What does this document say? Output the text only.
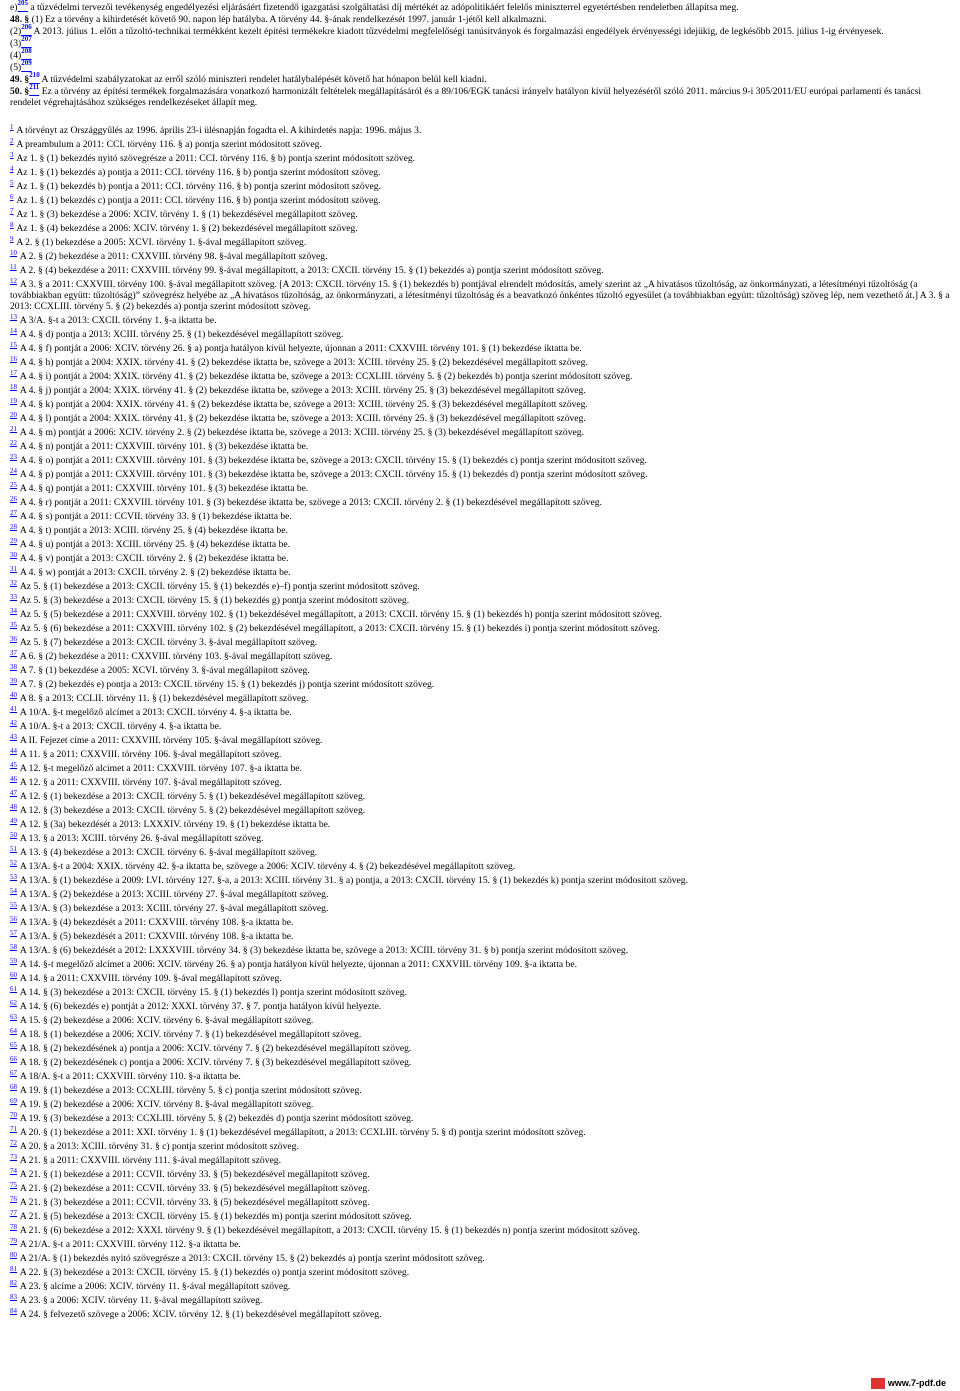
e)$^{205}$ a tűzvédelmi tervezői tevékenység engedélyezési eljárásáért fizetendő igazgatási szolgáltatási díj mértékét az adópolitikáért felelős miniszterrel egyetértésben rendeletben állapítsa meg.

48. § (1) Ez a törvény a kihirdetését követő 90. napon lép hatályba. A törvény 44. §-ának rendelkezését 1997. január 1-jétől kell alkalmazni.

$(2)^{206}$ A 2013. július 1. előtt a tűzoltó-technikai termékként kezelt építési termékekre kiadott tűzvédelmi megfelelőségi tanúsítványok és forgalmazási engedélyek érvényességi idejükig, de legkésőbb 2015. július 1-ig érvényesek.

$(3)^{207}$

$(4)^{208}$

$(5)^{209}$

49. §$^{210}$ A tűzvédelmi szabályzatokat az erről szóló miniszteri rendelet hatálybalépését követő hat hónapon belül kell kiadni.

50. §$^{211}$ Ez a törvény az építési termékek forgalmazására vonatkozó harmonizált feltételek megállapításáról és a 89/106/EGK tanácsi irányelv hatályon kívül helyezéséről szóló 2011. március 9-i 305/2011/EU európai parlamenti és tanácsi rendelet végrehajtásához szükséges rendelkezéseket állapít meg.

$^1$ A törvényt az Országgyűlés az 1996. április 23-i ülésnapján fogadta el. A kihirdetés napja: 1996. május 3.

$^2$ A preambulum a 2011: CCI. törvény 116. § a) pontja szerint módosított szöveg.

$^3$ Az 1. § (1) bekezdés nyitó szövegrésze a 2011: CCI. törvény 116. § b) pontja szerint módosított szöveg.

$^4$ Az 1. § (1) bekezdés a) pontja a 2011: CCI. törvény 116. § b) pontja szerint módosított szöveg.

$^5$ Az 1. § (1) bekezdés b) pontja a 2011: CCI. törvény 116. § b) pontja szerint módosított szöveg.

$^6$ Az 1. § (1) bekezdés c) pontja a 2011: CCI. törvény 116. § b) pontja szerint módosított szöveg.

$^7$ Az 1. § (3) bekezdése a 2006: XCIV. törvény 1. § (1) bekezdésével megállapított szöveg.

$^8$ Az 1. § (4) bekezdése a 2006: XCIV. törvény 1. § (2) bekezdésével megállapított szöveg.

$^9$ A 2. § (1) bekezdése a 2005: XCVI. törvény 1. §-ával megállapított szöveg.

$^{10}$ A 2. § (2) bekezdése a 2011: CXXVIII. törvény 98. §-ával megállapított szöveg.

$^{11}$ A 2. § (4) bekezdése a 2011: CXXVIII. törvény 99. §-ával megállapított, a 2013: CXCII. törvény 15. § (1) bekezdés a) pontja szerint módosított szöveg.

$^{12}$ A 3. § a 2011: CXXVIII. törvény 100. §-ával megállapított szöveg. [A 2013: CXCII. törvény 15. § (1) bekezdés b) pontjával elrendelt módosítás, amely szerint az „A hivatásos tűzoltóság, az önkormányzati, a létesítményi tűzoltóság (a továbbiakban együtt: tűzoltóság)” szövegrész helyébe az „A hivatásos tűzoltóság, az önkormányzati, a létesítményi tűzoltóság és a beavatkozó önkéntes tűzoltó egyesület (a továbbiakban együtt: tűzoltóság) szöveg lép, nem vezethető át.] A 3. § a 2013: CCXLIII. törvény 5. § (2) bekezdés a) pontja szerint módosított szöveg.

$^{13}$ A 3/A. §-t a 2013: CXCII. törvény 1. §-a iktatta be.

$^{14}$ A 4. § d) pontja a 2013: XCIII. törvény 25. § (1) bekezdésével megállapított szöveg.

$^{15}$ A 4. § f) pontját a 2006: XCIV. törvény 26. § a) pontja hatályon kívül helyezte, újonnan a 2011: CXXVIII. törvény 101. § (1) bekezdése iktatta be.

$^{16}$ A 4. § h) pontját a 2004: XXIX. törvény 41. § (2) bekezdése iktatta be, szövege a 2013: XCIII. törvény 25. § (2) bekezdésével megállapított szöveg.

$^{17}$ A 4. § i) pontját a 2004: XXIX. törvény 41. § (2) bekezdése iktatta be, szövege a 2013: CCXLIII. törvény 5. § (2) bekezdés b) pontja szerint módosított szöveg.

$^{18}$ A 4. § j) pontját a 2004: XXIX. törvény 41. § (2) bekezdése iktatta be, szövege a 2013: XCIII. törvény 25. § (3) bekezdésével megállapított szöveg.

$^{19}$ A 4. § k) pontját a 2004: XXIX. törvény 41. § (2) bekezdése iktatta be, szövege a 2013: XCIII. törvény 25. § (3) bekezdésével megállapított szöveg.

$^{20}$ A 4. § l) pontját a 2004: XXIX. törvény 41. § (2) bekezdése iktatta be, szövege a 2013: XCIII. törvény 25. § (3) bekezdésével megállapított szöveg.

$^{21}$ A 4. § m) pontját a 2006: XCIV. törvény 2. § (2) bekezdése iktatta be, szövege a 2013: XCIII. törvény 25. § (3) bekezdésével megállapított szöveg.

$^{22}$ A 4. § n) pontját a 2011: CXXVIII. törvény 101. § (3) bekezdése iktatta be.

$^{23}$ A 4. § o) pontját a 2011: CXXVIII. törvény 101. § (3) bekezdése iktatta be, szövege a 2013: CXCII. törvény 15. § (1) bekezdés c) pontja szerint módosított szöveg.

$^{24}$ A 4. § p) pontját a 2011: CXXVIII. törvény 101. § (3) bekezdése iktatta be, szövege a 2013: CXCII. törvény 15. § (1) bekezdés d) pontja szerint módosított szöveg.

$^{25}$ A 4. § q) pontját a 2011: CXXVIII. törvény 101. § (3) bekezdése iktatta be.

$^{26}$ A 4. § r) pontját a 2011: CXXVIII. törvény 101. § (3) bekezdése iktatta be, szövege a 2013: CXCII. törvény 2. § (1) bekezdésével megállapított szöveg.

$^{27}$ A 4. § s) pontját a 2011: CCVII. törvény 33. § (1) bekezdése iktatta be.

$^{28}$ A 4. § t) pontját a 2013: XCIII. törvény 25. § (4) bekezdése iktatta be.

$^{29}$ A 4. § u) pontját a 2013: XCIII. törvény 25. § (4) bekezdése iktatta be.

$^{30}$ A 4. § v) pontját a 2013: CXCII. törvény 2. § (2) bekezdése iktatta be.

$^{31}$ A 4. § w) pontját a 2013: CXCII. törvény 2. § (2) bekezdése iktatta be.

$^{32}$ Az 5. § (1) bekezdése a 2013: CXCII. törvény 15. § (1) bekezdés e)–f) pontja szerint módosított szöveg.

$^{33}$ Az 5. § (3) bekezdése a 2013: CXCII. törvény 15. § (1) bekezdés g) pontja szerint módosított szöveg.

$^{34}$ Az 5. § (5) bekezdése a 2011: CXXVIII. törvény 102. § (1) bekezdésével megállapított, a 2013: CXCII. törvény 15. § (1) bekezdés h) pontja szerint módosított szöveg.

$^{35}$ Az 5. § (6) bekezdése a 2011: CXXVIII. törvény 102. § (2) bekezdésével megállapított, a 2013: CXCII. törvény 15. § (1) bekezdés i) pontja szerint módosított szöveg.

$^{36}$ Az 5. § (7) bekezdése a 2013: CXCII. törvény 3. §-ával megállapított szöveg.

$^{37}$ A 6. § (2) bekezdése a 2011: CXXVIII. törvény 103. §-ával megállapított szöveg.

$^{38}$ A 7. § (1) bekezdése a 2005: XCVI. törvény 3. §-ával megállapított szöveg.

$^{39}$ A 7. § (2) bekezdés e) pontja a 2013: CXCII. törvény 15. § (1) bekezdés j) pontja szerint módosított szöveg.

$^{40}$ A 8. § a 2013: CCLII. törvény 11. § (1) bekezdésével megállapított szöveg.

$^{41}$ A 10/A. §-t megelőző alcímet a 2013: CXCII. törvény 4. §-a iktatta be.

$^{42}$ A 10/A. §-t a 2013: CXCII. törvény 4. §-a iktatta be.

$^{43}$ A II. Fejezet címe a 2011: CXXVIII. törvény 105. §-ával megállapított szöveg.

$^{44}$ A 11. § a 2011: CXXVIII. törvény 106. §-ával megállapított szöveg.

$^{45}$ A 12. §-t megelőző alcímet a 2011: CXXVIII. törvény 107. §-a iktatta be.

$^{46}$ A 12. § a 2011: CXXVIII. törvény 107. §-ával megállapított szöveg.

$^{47}$ A 12. § (1) bekezdése a 2013: CXCII. törvény 5. § (1) bekezdésével megállapított szöveg.

$^{48}$ A 12. § (3) bekezdése a 2013: CXCII. törvény 5. § (2) bekezdésével megállapított szöveg.

$^{49}$ A 12. § (3a) bekezdését a 2013: LXXXIV. törvény 19. § (1) bekezdése iktatta be.

$^{50}$ A 13. § a 2013: XCIII. törvény 26. §-ával megállapított szöveg.

$^{51}$ A 13. § (4) bekezdése a 2013: CXCII. törvény 6. §-ával megállapított szöveg.

$^{52}$ A 13/A. §-t a 2004: XXIX. törvény 42. §-a iktatta be, szövege a 2006: XCIV. törvény 4. § (2) bekezdésével megállapított szöveg.

$^{53}$ A 13/A. § (1) bekezdése a 2009: LVI. törvény 127. §-a, a 2013: XCIII. törvény 31. § a) pontja, a 2013: CXCII. törvény 15. § (1) bekezdés k) pontja szerint módosított szöveg.

$^{54}$ A 13/A. § (2) bekezdése a 2013: XCIII. törvény 27. §-ával megállapított szöveg.

$^{55}$ A 13/A. § (3) bekezdése a 2013: XCIII. törvény 27. §-ával megállapított szöveg.

$^{56}$ A 13/A. § (4) bekezdését a 2011: CXXVIII. törvény 108. §-a iktatta be.

$^{57}$ A 13/A. § (5) bekezdését a 2011: CXXVIII. törvény 108. §-a iktatta be.

$^{58}$ A 13/A. § (6) bekezdését a 2012: LXXXVIII. törvény 34. § (3) bekezdése iktatta be, szövege a 2013: XCIII. törvény 31. § b) pontja szerint módosított szöveg.

$^{59}$ A 14. §-t megelőző alcímet a 2006: XCIV. törvény 26. § a) pontja hatályon kívül helyezte, újonnan a 2011: CXXVIII. törvény 109. §-a iktatta be.

$^{60}$ A 14. § a 2011: CXXVIII. törvény 109. §-ával megállapított szöveg.

$^{61}$ A 14. § (3) bekezdése a 2013: CXCII. törvény 15. § (1) bekezdés l) pontja szerint módosított szöveg.

$^{62}$ A 14. § (6) bekezdés e) pontját a 2012: XXXI. törvény 37. § 7. pontja hatályon kívül helyezte.

$^{63}$ A 15. § (2) bekezdése a 2006: XCIV. törvény 6. §-ával megállapított szöveg.

$^{64}$ A 18. § (1) bekezdése a 2006: XCIV. törvény 7. § (1) bekezdésével megállapított szöveg.

$^{65}$ A 18. § (2) bekezdésének a) pontja a 2006: XCIV. törvény 7. § (2) bekezdésével megállapított szöveg.

$^{66}$ A 18. § (2) bekezdésének c) pontja a 2006: XCIV. törvény 7. § (3) bekezdésével megállapított szöveg.

$^{67}$ A 18/A. §-t a 2011: CXXVIII. törvény 110. §-a iktatta be.

$^{68}$ A 19. § (1) bekezdése a 2013: CCXLIII. törvény 5. § c) pontja szerint módosított szöveg.

$^{69}$ A 19. § (2) bekezdése a 2006: XCIV. törvény 8. §-ával megállapított szöveg.

$^{70}$ A 19. § (3) bekezdése a 2013: CCXLIII. törvény 5. § (2) bekezdés d) pontja szerint módosított szöveg.

$^{71}$ A 20. § (1) bekezdése a 2011: XXI. törvény 1. § (1) bekezdésével megállapított, a 2013: CCXLIII. törvény 5. § d) pontja szerint módosított szöveg.

$^{72}$ A 20. § a 2013: XCIII. törvény 31. § c) pontja szerint módosított szöveg.

$^{73}$ A 21. § a 2011: CXXVIII. törvény 111. §-ával megállapított szöveg.

$^{74}$ A 21. § (1) bekezdése a 2011: CCVII. törvény 33. § (5) bekezdésével megállapított szöveg.

$^{75}$ A 21. § (2) bekezdése a 2011: CCVII. törvény 33. § (5) bekezdésével megállapított szöveg.

$^{76}$ A 21. § (3) bekezdése a 2011: CCVII. törvény 33. § (5) bekezdésével megállapított szöveg.

$^{77}$ A 21. § (5) bekezdése a 2013: CXCII. törvény 15. § (1) bekezdés m) pontja szerint módosított szöveg.

$^{78}$ A 21. § (6) bekezdése a 2012: XXXI. törvény 9. § (1) bekezdésével megállapított, a 2013: CXCII. törvény 15. § (1) bekezdés n) pontja szerint módosított szöveg.

$^{79}$ A 21/A. §-t a 2011: CXXVIII. törvény 112. §-a iktatta be.

$^{80}$ A 21/A. § (1) bekezdés nyitó szövegrésze a 2013: CXCII. törvény 15. § (2) bekezdés a) pontja szerint módosított szöveg.

$^{81}$ A 22. § (3) bekezdése a 2013: CXCII. törvény 15. § (1) bekezdés o) pontja szerint módosított szöveg.

$^{82}$ A 23. § alcíme a 2006: XCIV. törvény 11. §-ával megállapított szöveg.

$^{83}$ A 23. § a 2006: XCIV. törvény 11. §-ával megállapított szöveg.

$^{84}$ A 24. § felvezető szövege a 2006: XCIV. törvény 12. § (1) bekezdésével megállapított szöveg.

www.7-pdf.de
